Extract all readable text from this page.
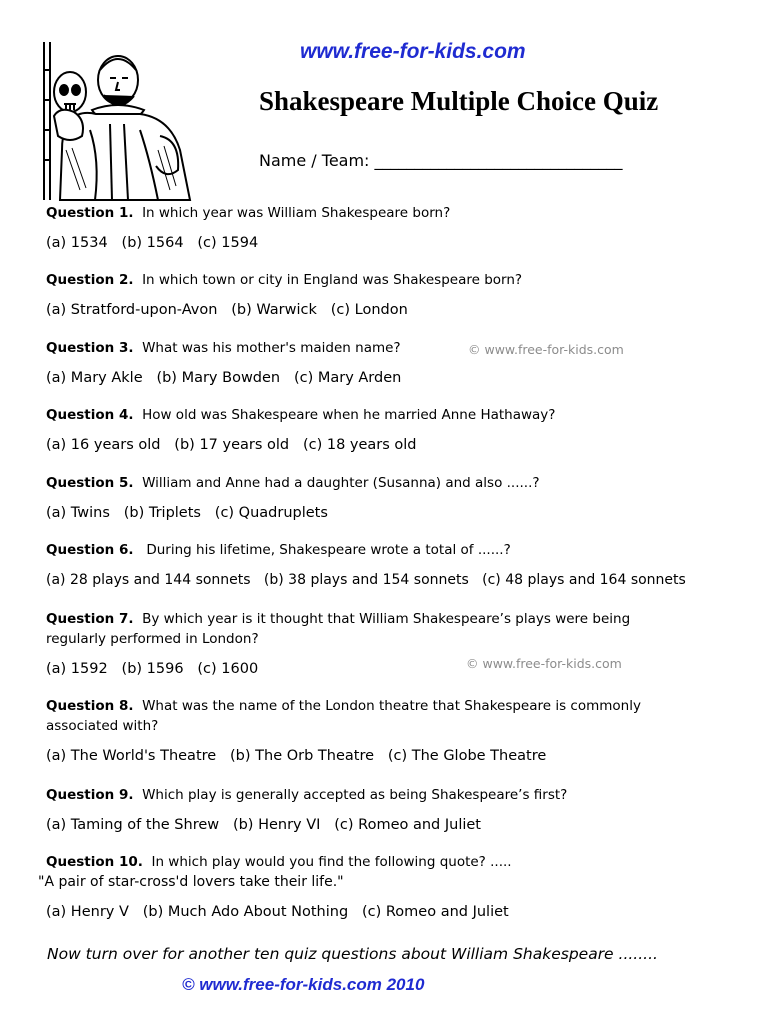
www.free-for-kids.com
Shakespeare Multiple Choice Quiz
Name / Team: _______________________________
Question 1. In which year was William Shakespeare born?
(a) 1534   (b) 1564   (c) 1594
Question 2. In which town or city in England was Shakespeare born?
(a) Stratford-upon-Avon   (b) Warwick   (c) London
Question 3. What was his mother's maiden name?
(a) Mary Akle   (b) Mary Bowden   (c) Mary Arden
© www.free-for-kids.com
Question 4. How old was Shakespeare when he married Anne Hathaway?
(a) 16 years old   (b) 17 years old   (c) 18 years old
Question 5. William and Anne had a daughter (Susanna) and also ......?
(a) Twins   (b) Triplets   (c) Quadruplets
Question 6. During his lifetime, Shakespeare wrote a total of ......?
(a) 28 plays and 144 sonnets   (b) 38 plays and 154 sonnets   (c) 48 plays and 164 sonnets
Question 7. By which year is it thought that William Shakespeare’s plays were being
regularly performed in London?
(a) 1592   (b) 1596   (c) 1600	© www.free-for-kids.com
Question 8. What was the name of the London theatre that Shakespeare is commonly
associated with?
(a) The World's Theatre   (b) The Orb Theatre   (c) The Globe Theatre
Question 9. Which play is generally accepted as being Shakespeare’s first?
(a) Taming of the Shrew   (b) Henry VI   (c) Romeo and Juliet
Question 10. In which play would you find the following quote? .....
"A pair of star-cross'd lovers take their life."
(a) Henry V   (b) Much Ado About Nothing   (c) Romeo and Juliet
Now turn over for another ten quiz questions about William Shakespeare ........
© www.free-for-kids.com 2010
